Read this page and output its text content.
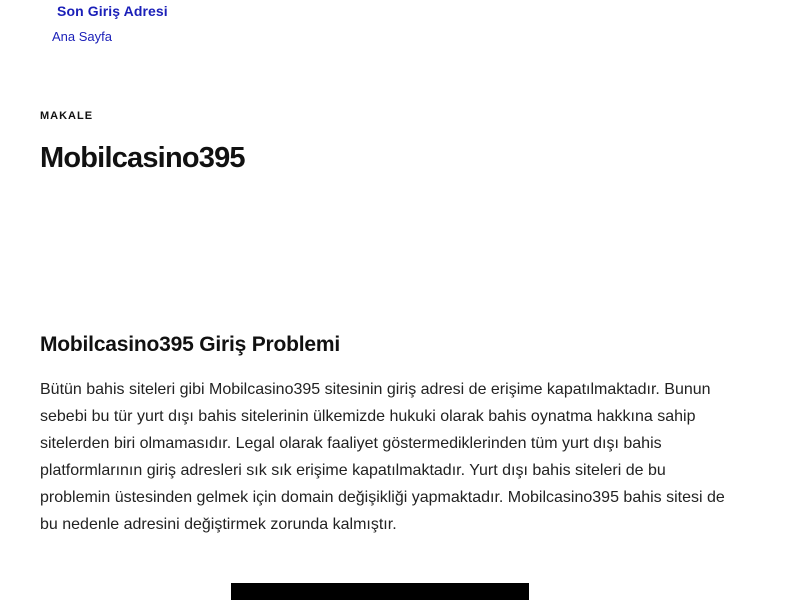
Son Giriş Adresi
Ana Sayfa
MAKALE
Mobilcasino395
Mobilcasino395 Giriş Problemi

Bütün bahis siteleri gibi Mobilcasino395 sitesinin giriş adresi de erişime kapatılmaktadır. Bunun sebebi bu tür yurt dışı bahis sitelerinin ülkemizde hukuki olarak bahis oynatma hakkına sahip sitelerden biri olmamasıdır. Legal olarak faaliyet göstermediklerinden tüm yurt dışı bahis platformlarının giriş adresleri sık sık erişime kapatılmaktadır. Yurt dışı bahis siteleri de bu problemin üstesinden gelmek için domain değişikliği yapmaktadır. Mobilcasino395 bahis sitesi de bu nedenle adresini değiştirmek zorunda kalmıştır.
